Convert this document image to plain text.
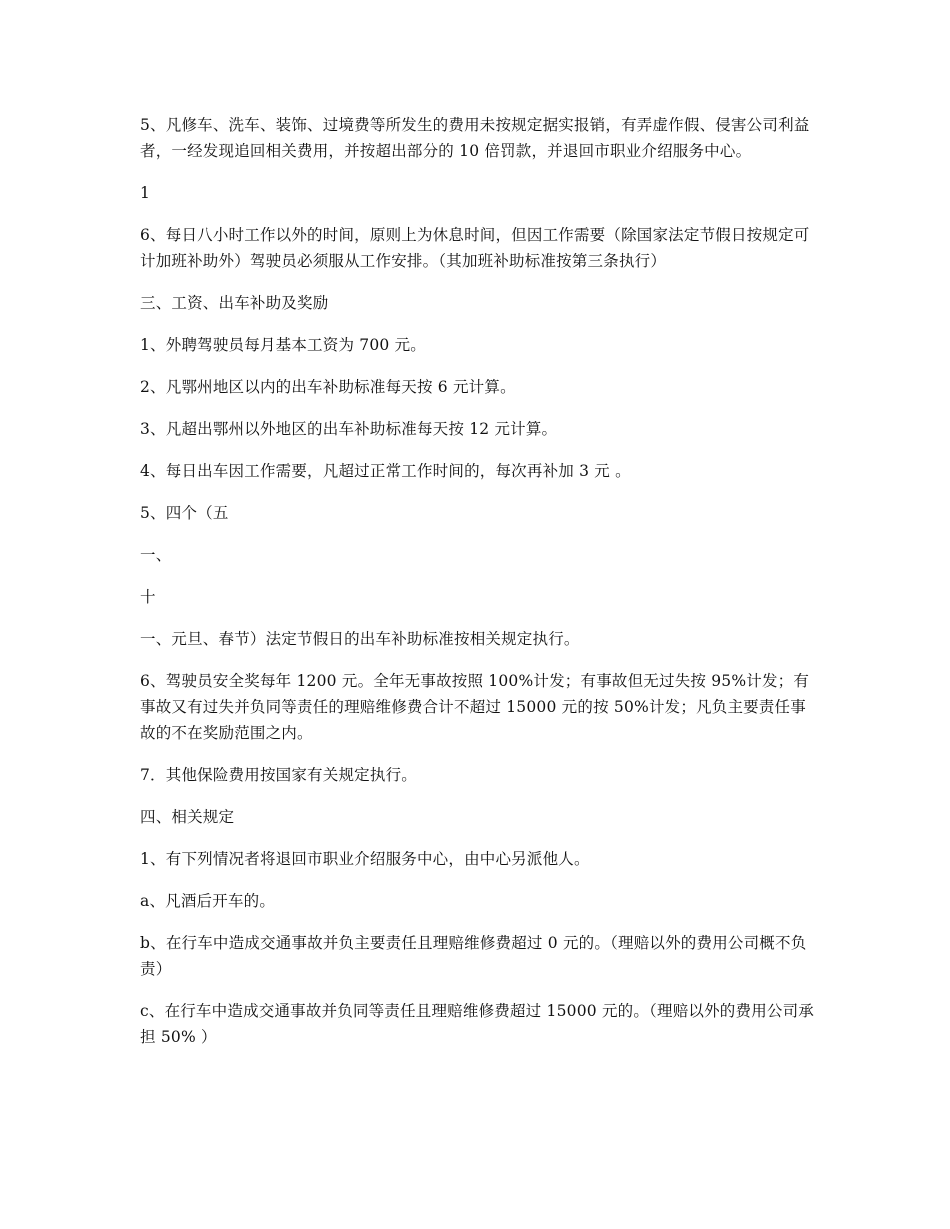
5、凡修车、洗车、装饰、过境费等所发生的费用未按规定据实报销，有弄虚作假、侵害公司利益者，一经发现追回相关费用，并按超出部分的 10 倍罚款，并退回市职业介绍服务中心。

1

6、每日八小时工作以外的时间，原则上为休息时间，但因工作需要（除国家法定节假日按规定可计加班补助外）驾驶员必须服从工作安排。（其加班补助标准按第三条执行）

三、工资、出车补助及奖励

1、外聘驾驶员每月基本工资为 700 元。

2、凡鄂州地区以内的出车补助标准每天按 6 元计算。

3、凡超出鄂州以外地区的出车补助标准每天按 12 元计算。

4、每日出车因工作需要，凡超过正常工作时间的，每次再补加 3 元 。

5、四个（五

一、

十

一、元旦、春节）法定节假日的出车补助标准按相关规定执行。

6、驾驶员安全奖每年 1200 元。全年无事故按照 100%计发；有事故但无过失按 95%计发；有事故又有过失并负同等责任的理赔维修费合计不超过 15000 元的按 50%计发；凡负主要责任事故的不在奖励范围之内。

7．其他保险费用按国家有关规定执行。

四、相关规定

1、有下列情况者将退回市职业介绍服务中心，由中心另派他人。

a、凡酒后开车的。

b、在行车中造成交通事故并负主要责任且理赔维修费超过 0 元的。（理赔以外的费用公司概不负责）

c、在行车中造成交通事故并负同等责任且理赔维修费超过 15000 元的。（理赔以外的费用公司承担 50% ）
